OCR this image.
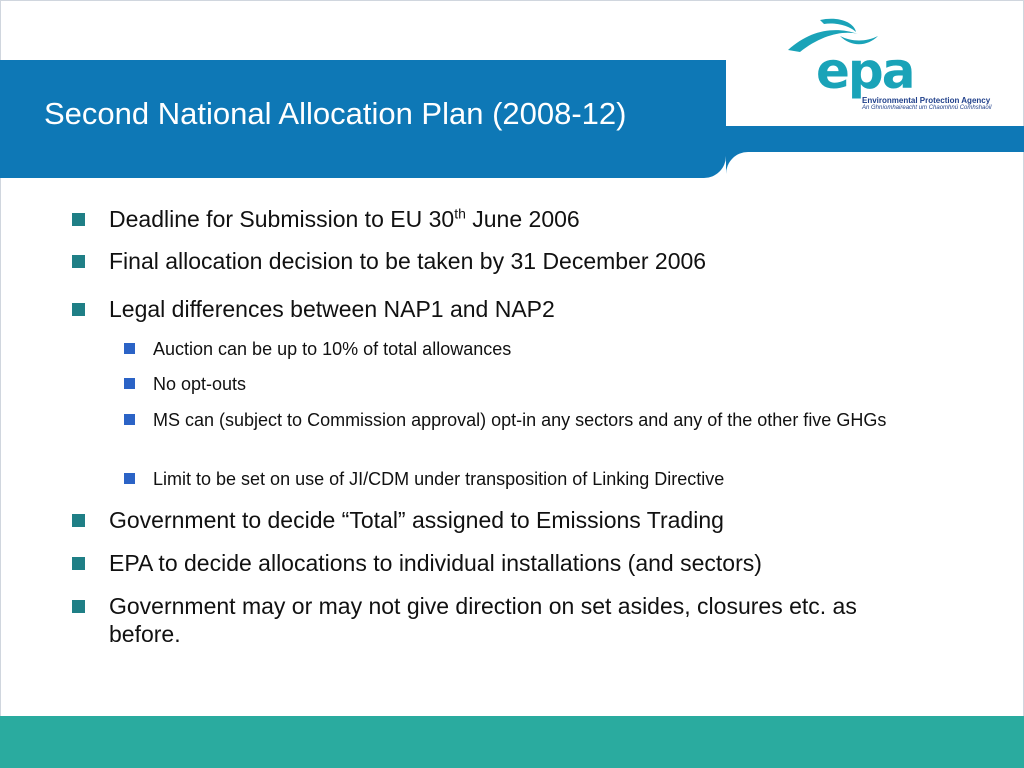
Second National Allocation Plan (2008-12)
epa
Environmental Protection Agency
An Ghníomhaireacht um Chaomhnú Comhshaoil
Deadline for Submission to EU 30th June 2006
Final allocation decision to be taken by 31 December 2006
Legal differences between NAP1 and NAP2
Auction can be up to 10% of total allowances
No opt-outs
MS can (subject to Commission approval) opt-in any sectors and any of the other five GHGs
Limit to be set on use of JI/CDM under transposition of Linking Directive
Government to decide “Total” assigned to Emissions Trading
EPA to decide allocations to individual installations (and sectors)
Government may or may not give direction on set asides, closures etc. as before.
